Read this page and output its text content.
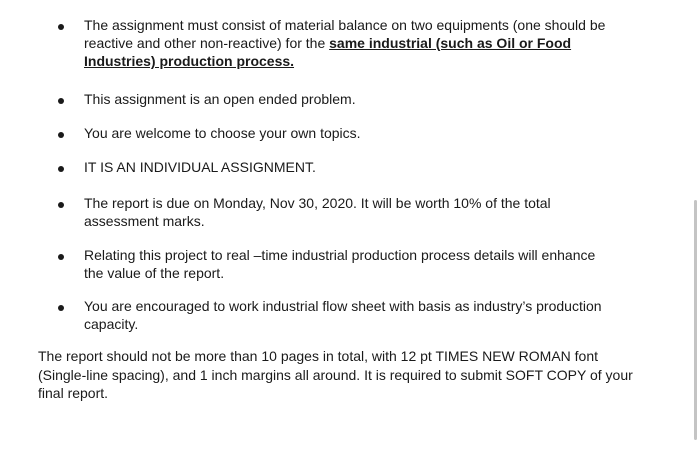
The assignment must consist of material balance on two equipments (one should be reactive and other non-reactive) for the same industrial (such as Oil or Food Industries) production process.
This assignment is an open ended problem.
You are welcome to choose your own topics.
IT IS AN INDIVIDUAL ASSIGNMENT.
The report is due on Monday, Nov 30, 2020. It will be worth 10% of the total assessment marks.
Relating this project to real –time industrial production process details will enhance the value of the report.
You are encouraged to work industrial flow sheet with basis as industry’s production capacity.
The report should not be more than 10 pages in total, with 12 pt TIMES NEW ROMAN font (Single-line spacing), and 1 inch margins all around. It is required to submit SOFT COPY of your final report.
